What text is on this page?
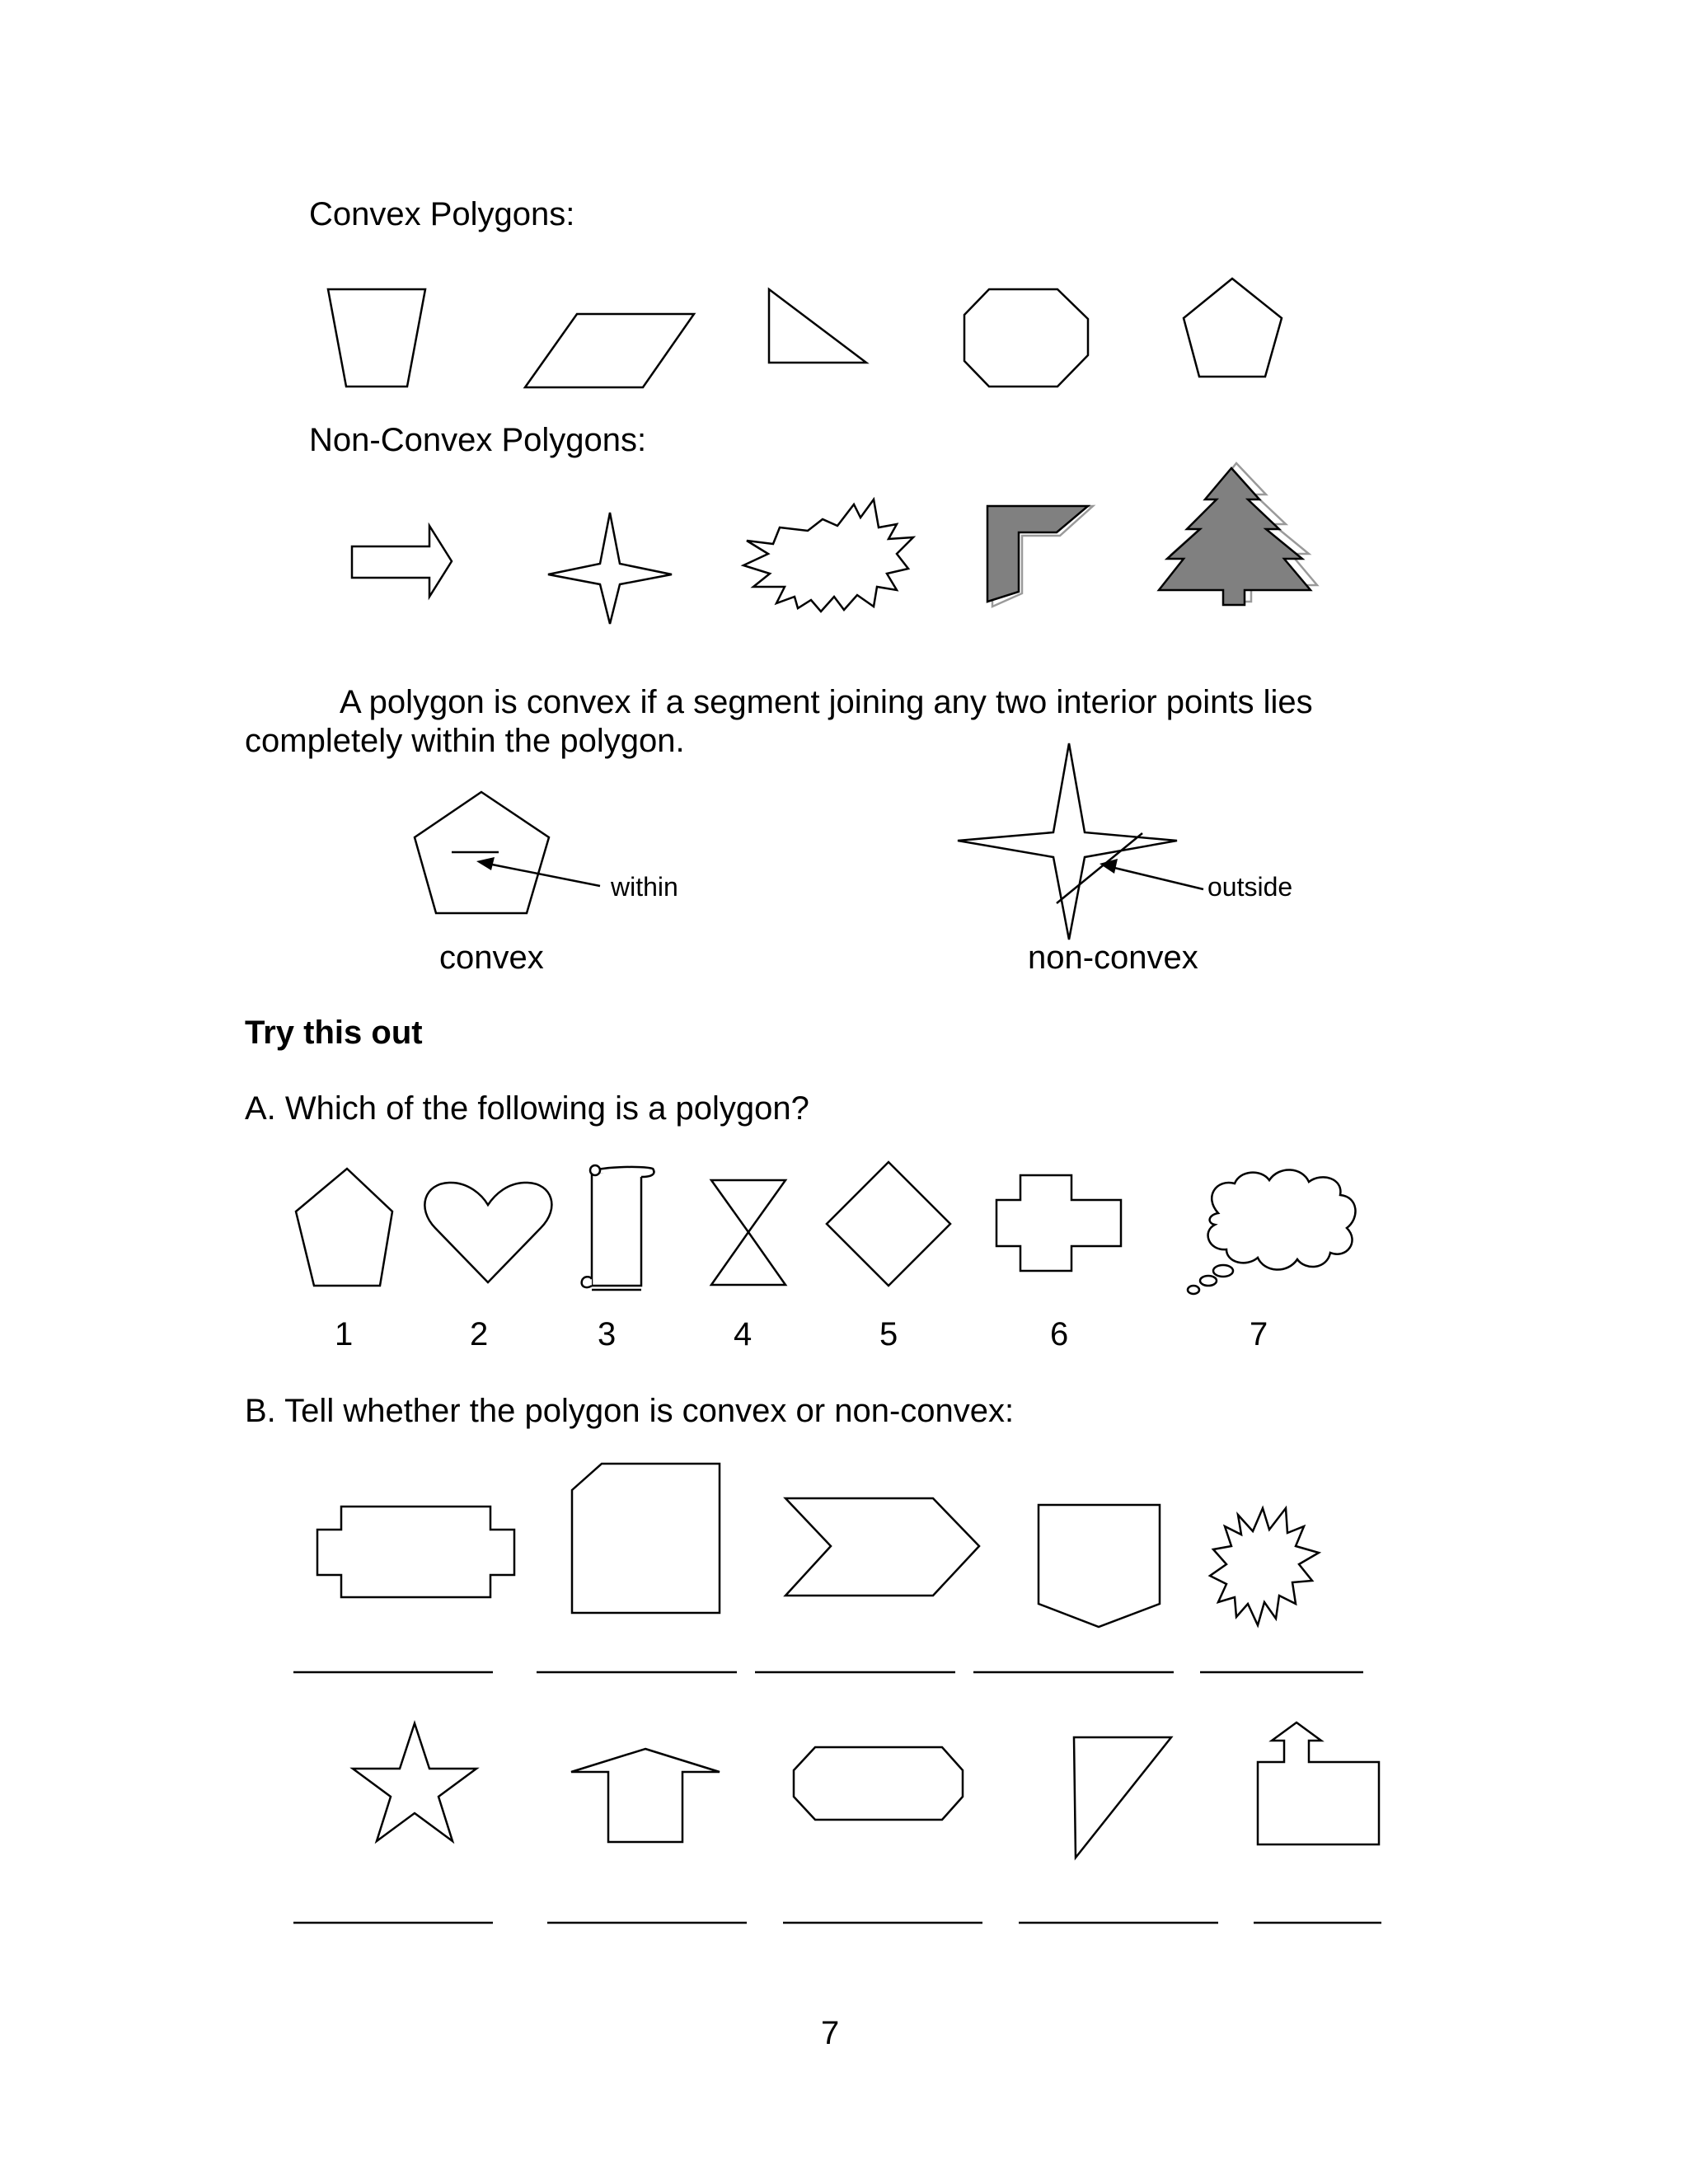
Convex Polygons:
Non-Convex Polygons:
A polygon is convex if a segment joining any two interior points lies
completely within the polygon.
within	outside
convex	non-convex
Try this out
A. Which of the following is a polygon?
1	2	3	4	5	6	7
B. Tell whether the polygon is convex or non-convex:
7
